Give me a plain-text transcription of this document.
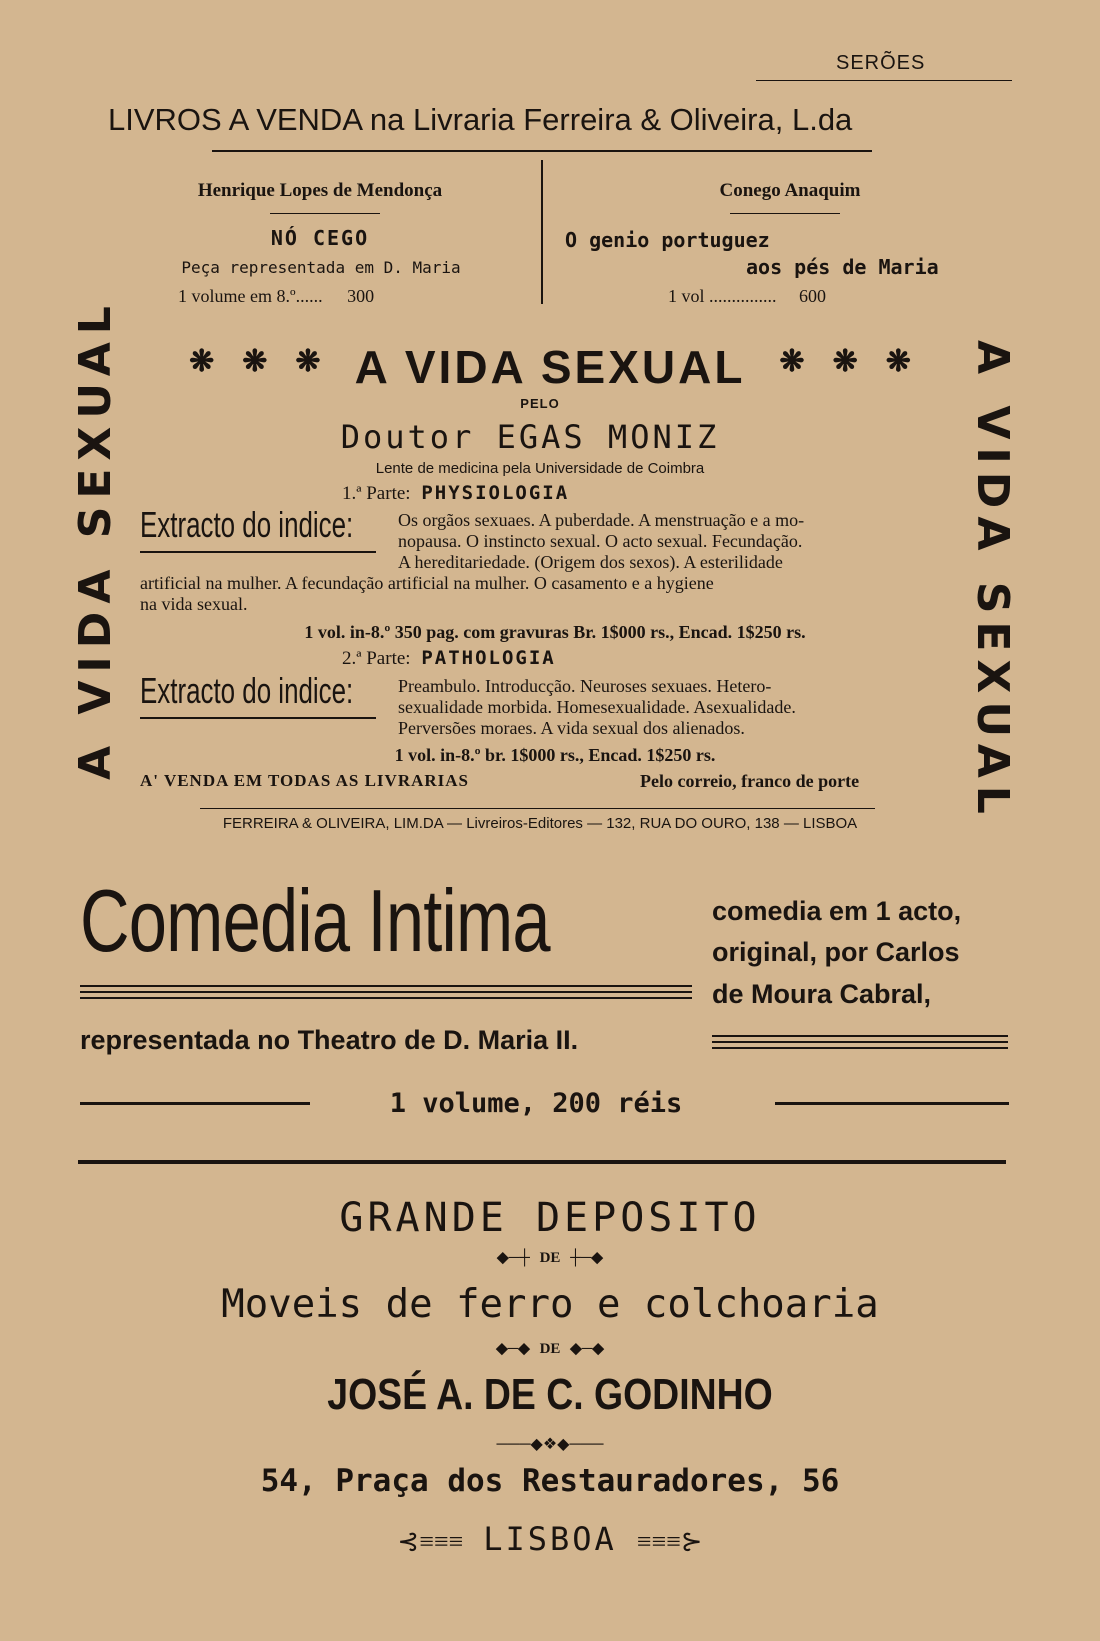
SERÕES
LIVROS A VENDA na Livraria Ferreira & Oliveira, L.da
Henrique Lopes de Mendonça
NÓ CEGO
Peça representada em D. Maria
1 volume em 8.º...... 300
Conego Anaquim
O genio portuguez
aos pés de Maria
1 vol ............... 600
A VIDA SEXUAL	A VIDA SEXUAL
❋ ❋ ❋ A VIDA SEXUAL ❋ ❋ ❋
PELO
Doutor EGAS MONIZ
Lente de medicina pela Universidade de Coimbra
1.ª Parte: PHYSIOLOGIA
Extracto do indice: Os orgãos sexuaes. A puberdade. A menstruação e a mo-
nopausa. O instincto sexual. O acto sexual. Fecundação.
A hereditariedade. (Origem dos sexos). A esterilidade
artificial na mulher. A fecundação artificial na mulher. O casamento e a hygiene
na vida sexual.
1 vol. in-8.º 350 pag. com gravuras Br. 1$000 rs., Encad. 1$250 rs.
2.ª Parte: PATHOLOGIA
Extracto do indice: Preambulo. Introducção. Neuroses sexuaes. Hetero-
sexualidade morbida. Homesexualidade. Asexualidade.
Perversões moraes. A vida sexual dos alienados.
1 vol. in-8.º br. 1$000 rs., Encad. 1$250 rs.
A' VENDA EM TODAS AS LIVRARIAS	Pelo correio, franco de porte
FERREIRA & OLIVEIRA, LIM.DA — Livreiros-Editores — 132, RUA DO OURO, 138 — LISBOA
Comedia Intima	comedia em 1 acto,
original, por Carlos
de Moura Cabral,
representada no Theatro de D. Maria II.
1 volume, 200 réis
GRANDE DEPOSITO
◆─┼ DE ┼─◆
Moveis de ferro e colchoaria
◆─◆ DE ◆─◆
JOSÉ A. DE C. GODINHO
───◆❖◆───
54, Praça dos Restauradores, 56
⊰≡≡≡ LISBOA ≡≡≡⊱
